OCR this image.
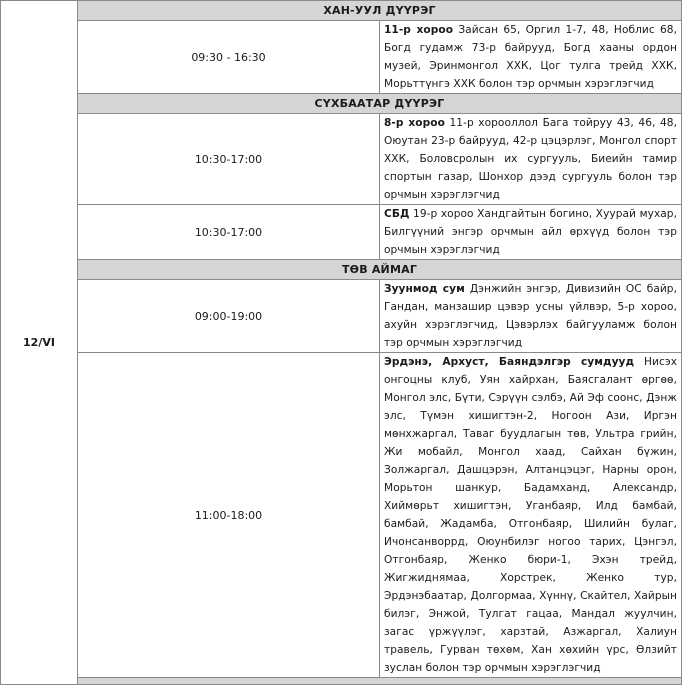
12/VI	ХАН-УУЛ ДҮҮРЭГ	
	09:30 - 16:30	11-р хороо Зайсан 65, Оргил 1-7, 48, Ноблис 68, Богд гудамж 73-р байрууд, Богд хааны ордон музей, Эринмонгол ХХК, Цог тулга трейд ХХК, Морьттүнгэ ХХК болон тэр орчмын хэрэглэгчид
	СҮХБААТАР ДҮҮРЭГ	
	10:30-17:00	8-р хороо 11-р хорооллол Бага тойруу 43, 46, 48, Оюутан 23-р байрууд, 42-р цэцэрлэг, Монгол спорт ХХК, Боловсролын их сургууль, Биеийн тамир спортын газар, Шонхор дээд сургууль болон тэр орчмын хэрэглэгчид
	10:30-17:00	СБД 19-р хороо Хандгайтын богино, Хуурай мухар, Билгүүний энгэр орчмын айл өрхүүд болон тэр орчмын хэрэглэгчид
	ТӨВ АЙМАГ	
	09:00-19:00	Зуунмод сум Дэнжийн энгэр, Дивизийн ОС байр, Гандан, манзашир цэвэр усны үйлвэр, 5-р хороо, ахуйн хэрэглэгчид, Цэвэрлэх байгууламж болон тэр орчмын хэрэглэгчид
	11:00-18:00	Эрдэнэ, Архуст, Баяндэлгэр сумдууд Нисэх онгоцны клуб, Уян хайрхан, Баясгалант өргөө, Монгол элс, Бүти, Сэрүүн сэлбэ, Ай Эф соонс, Дэнж элс, Түмэн хишигтэн-2, Ногоон Ази, Иргэн мөнхжаргал, Таваг буудлагын төв, Ультра грийн, Жи мобайл, Монгол хаад, Сайхан бүжин, Золжаргал, Дашцэрэн, Алтанцэцэг, Нарны орон, Морьтон шанкур, Бадамханд, Александр, Хиймөрьт хишигтэн, Уганбаяр, Илд бамбай, бамбай, Жадамба, Отгонбаяр, Шилийн булаг, Ичонсанворрд, Оюунбилэг ногоо тарих, Цэнгэл, Отгонбаяр, Женко бюри-1, Эхэн трейд, Жигжиднямаа, Хорстрек, Женко тур, Эрдэнэбаатар, Долгормаа, Хүннү, Скайтел, Хайрын билэг, Энжой, Тулгат гацаа, Мандал жуулчин, загас үржүүлэг, харзтай, Азжаргал, Халиун травель, Гурван төхөм, Хан хөхийн үрс, Өлзийт зуслан болон тэр орчмын хэрэглэгчид
